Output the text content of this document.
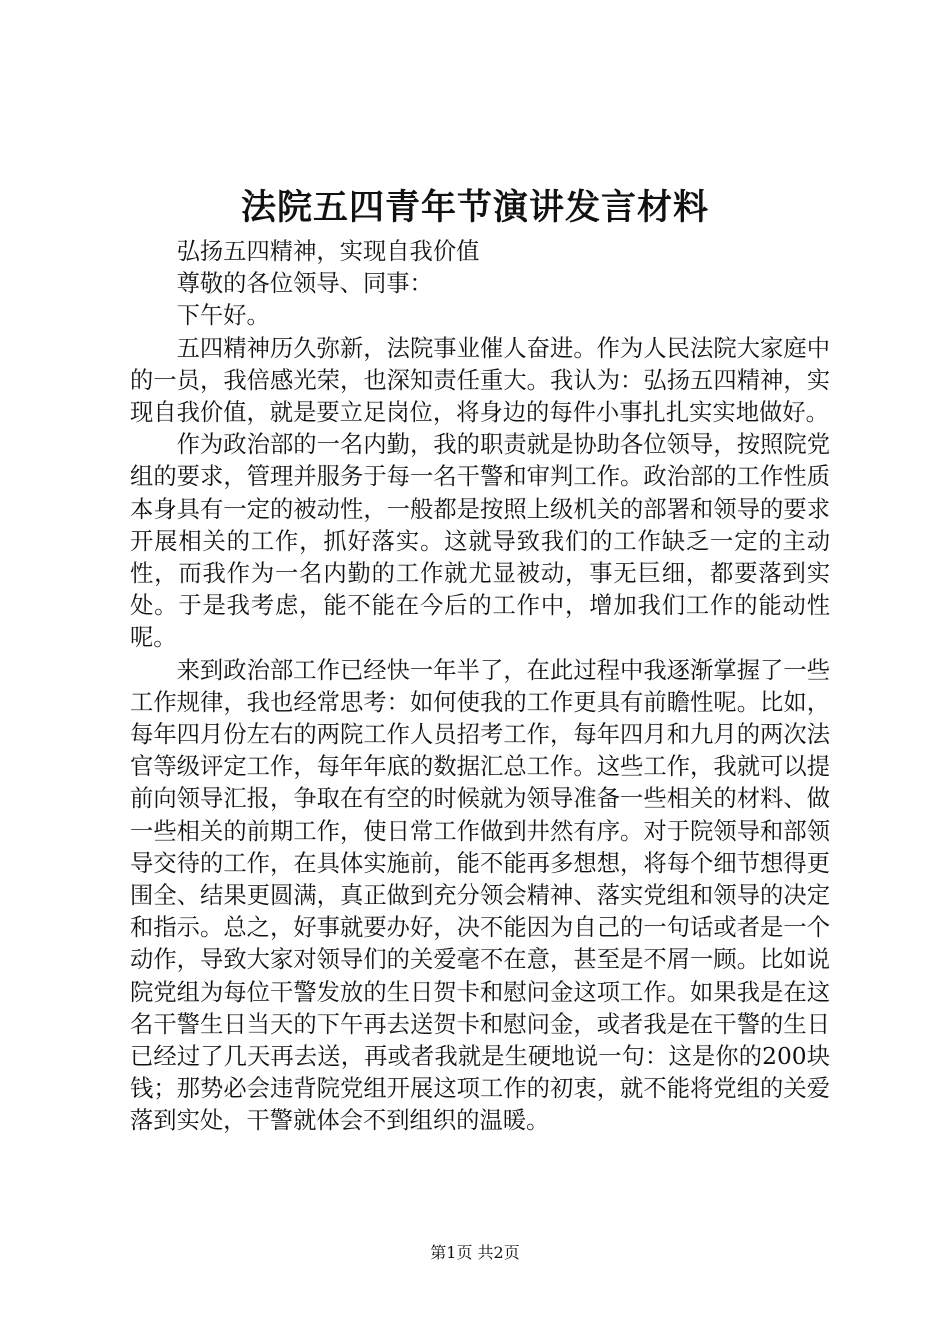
法院五四青年节演讲发言材料

弘扬五四精神，实现自我价值

尊敬的各位领导、同事：

下午好。

五四精神历久弥新，法院事业催人奋进。作为人民法院大家庭中的一员，我倍感光荣，也深知责任重大。我认为：弘扬五四精神，实现自我价值，就是要立足岗位，将身边的每件小事扎扎实实地做好。

作为政治部的一名内勤，我的职责就是协助各位领导，按照院党组的要求，管理并服务于每一名干警和审判工作。政治部的工作性质本身具有一定的被动性，一般都是按照上级机关的部署和领导的要求开展相关的工作，抓好落实。这就导致我们的工作缺乏一定的主动性，而我作为一名内勤的工作就尤显被动，事无巨细，都要落到实处。于是我考虑，能不能在今后的工作中，增加我们工作的能动性呢。

来到政治部工作已经快一年半了，在此过程中我逐渐掌握了一些工作规律，我也经常思考：如何使我的工作更具有前瞻性呢。比如，每年四月份左右的两院工作人员招考工作，每年四月和九月的两次法官等级评定工作，每年年底的数据汇总工作。这些工作，我就可以提前向领导汇报，争取在有空的时候就为领导准备一些相关的材料、做一些相关的前期工作，使日常工作做到井然有序。对于院领导和部领导交待的工作，在具体实施前，能不能再多想想，将每个细节想得更围全、结果更圆满，真正做到充分领会精神、落实党组和领导的决定和指示。总之，好事就要办好，决不能因为自己的一句话或者是一个动作，导致大家对领导们的关爱毫不在意，甚至是不屑一顾。比如说院党组为每位干警发放的生日贺卡和慰问金这项工作。如果我是在这名干警生日当天的下午再去送贺卡和慰问金，或者我是在干警的生日已经过了几天再去送，再或者我就是生硬地说一句：这是你的200块钱；那势必会违背院党组开展这项工作的初衷，就不能将党组的关爱落到实处，干警就体会不到组织的温暖。

第1页 共2页
